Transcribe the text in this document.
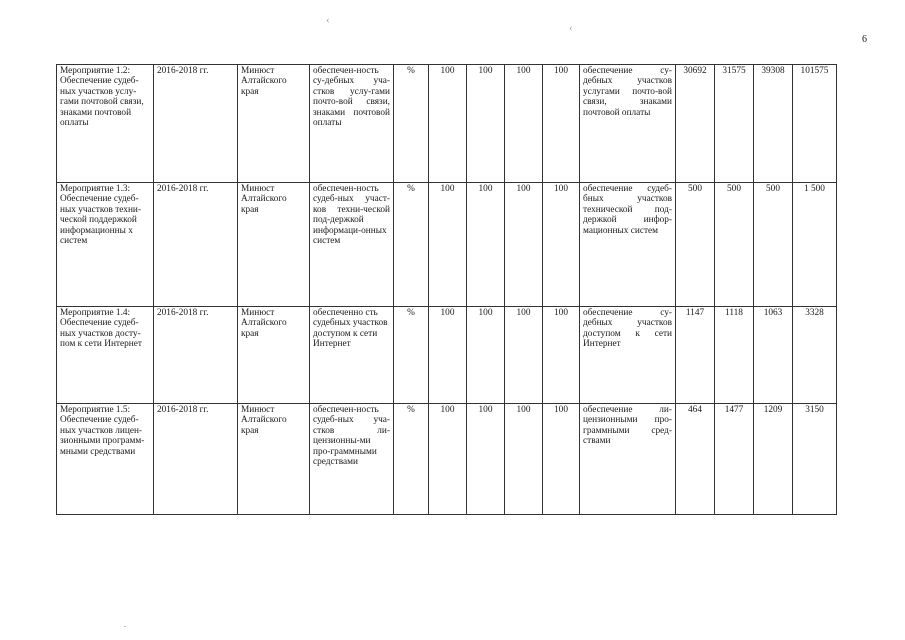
‹
‹
6
Мероприятие 1.2: Обеспечение судеб-ных участков услу-гами почтовой связи, знаками почтовой оплаты	2016-2018 гг.	Минюст Алтайского края	обеспечен-ность су-дебных уча-стков услу-гами почто-вой связи, знаками почтовой оплаты	%	100	100	100	100	обеспечение су-дебных участков услугами почто-вой связи, знаками почтовой оплаты	30692	31575	39308	101575
Мероприятие 1.3: Обеспечение судеб-ных участков техни-ческой поддержкой информационны х систем	2016-2018 гг.	Минюст Алтайского края	обеспечен-ность судеб-ных участ-ков техни-ческой под-держкой информаци-онных систем	%	100	100	100	100	обеспечение судеб-бных участков технической под-держкой инфор-мационных систем	500	500	500	1 500
Мероприятие 1.4: Обеспечение судеб-ных участков досту-пом к сети Интернет	2016-2018 гг.	Минюст Алтайского края	обеспеченно сть судебных участков доступом к сети Интернет	%	100	100	100	100	обеспечение су-дебных участков доступом к сети Интернет	1147	1118	1063	3328
Мероприятие 1.5: Обеспечение судеб-ных участков лицен-зионными программ-мными средствами	2016-2018 гг.	Минюст Алтайского края	обеспечен-ность судеб-ных уча-стков ли-цензионны-ми про-граммными средствами	%	100	100	100	100	обеспечение ли-цензионными про-граммными сред-ствами	464	1477	1209	3150
